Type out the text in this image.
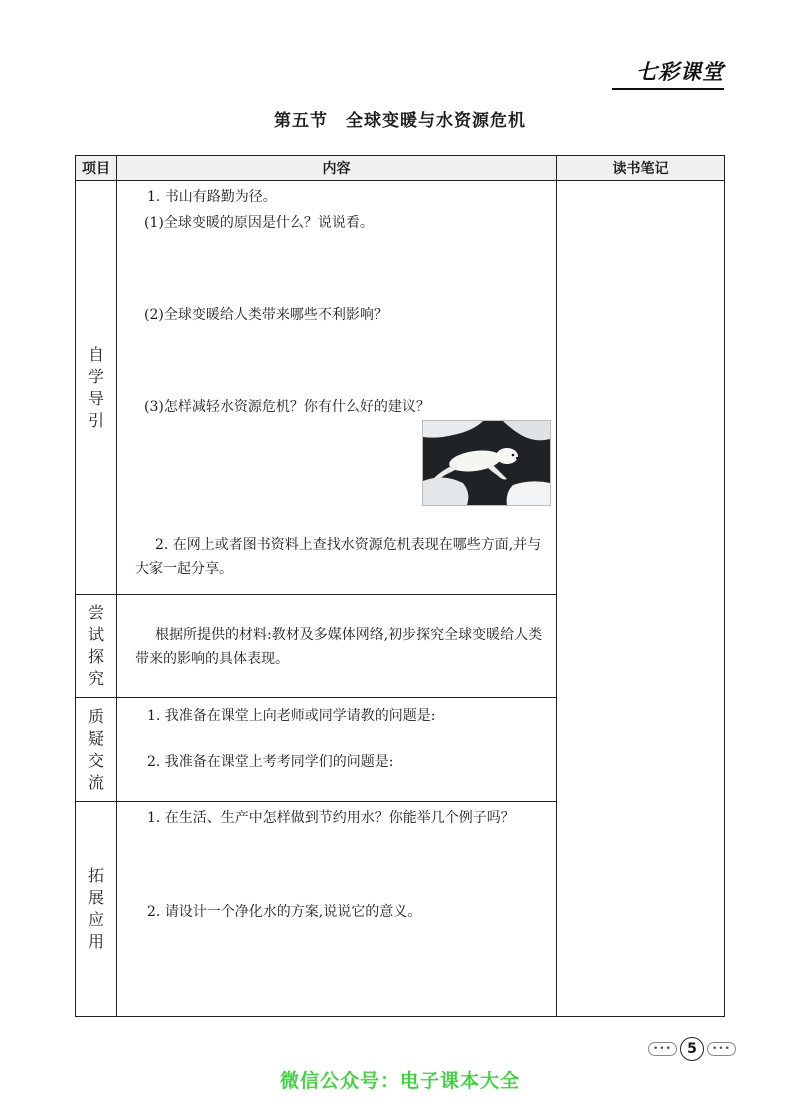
七彩课堂
第五节　全球变暖与水资源危机
项目	内容	读书笔记
自学导引	1. 书山有路勤为径。
(1)全球变暖的原因是什么？说说看。
(2)全球变暖给人类带来哪些不利影响？
(3)怎样减轻水资源危机？你有什么好的建议？
2. 在网上或者图书资料上查找水资源危机表现在哪些方面,并与大家一起分享。	

尝试探究	根据所提供的材料:教材及多媒体网络,初步探究全球变暖给人类带来的影响的具体表现。	

质疑交流	1. 我准备在课堂上向老师或同学请教的问题是:
2. 我准备在课堂上考考同学们的问题是:	

拓展应用	1. 在生活、生产中怎样做到节约用水？你能举几个例子吗？
2. 请设计一个净化水的方案,说说它的意义。	
•••	5	•••
微信公众号：电子课本大全
